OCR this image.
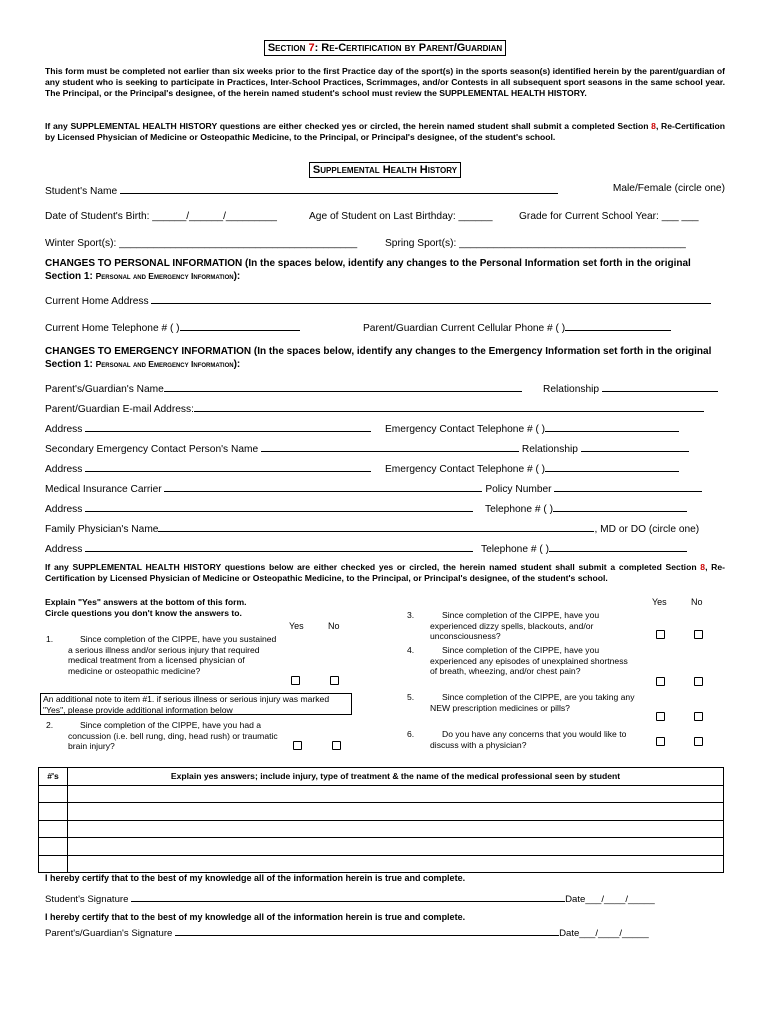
Section 7: Re-Certification by Parent/Guardian

This form must be completed not earlier than six weeks prior to the first Practice day of the sport(s) in the sports season(s) identified herein by the parent/guardian of any student who is seeking to participate in Practices, Inter-School Practices, Scrimmages, and/or Contests in all subsequent sport seasons in the same school year. The Principal, or the Principal's designee, of the herein named student's school must review the SUPPLEMENTAL HEALTH HISTORY.

If any SUPPLEMENTAL HEALTH HISTORY questions are either checked yes or circled, the herein named student shall submit a completed Section 8, Re-Certification by Licensed Physician of Medicine or Osteopathic Medicine, to the Principal, or Principal's designee, of the student's school.

Supplemental Health History
Student's Name	Male/Female (circle one)
Date of Student's Birth: ______/______/_________	Age of Student on Last Birthday: ______	Grade for Current School Year: ___ ___
Winter Sport(s): __________________________________________	Spring Sport(s): ________________________________________
CHANGES TO PERSONAL INFORMATION (In the spaces below, identify any changes to the Personal Information set forth in the original Section 1: Personal and Emergency Information):
Current Home Address
Current Home Telephone # ( )	Parent/Guardian Current Cellular Phone # ( )
CHANGES TO EMERGENCY INFORMATION (In the spaces below, identify any changes to the Emergency Information set forth in the original Section 1: Personal and Emergency Information):
Parent's/Guardian's Name	Relationship
Parent/Guardian E-mail Address:
Address	Emergency Contact Telephone # ( )
Secondary Emergency Contact Person's Name	Relationship
Address	Emergency Contact Telephone # ( )
Medical Insurance Carrier	Policy Number
Address	Telephone # ( )
Family Physician's Name	, MD or DO (circle one)
Address	Telephone # ( )

If any SUPPLEMENTAL HEALTH HISTORY questions below are either checked yes or circled, the herein named student shall submit a completed Section 8, Re-Certification by Licensed Physician of Medicine or Osteopathic Medicine, to the Principal, or Principal's designee, of the student's school.

Explain "Yes" answers at the bottom of this form.
Circle questions you don't know the answers to.
Yes	No
Yes	No
1.	Since completion of the CIPPE, have you sustained a serious illness and/or serious injury that required medical treatment from a licensed physician of medicine or osteopathic medicine?
An additional note to item #1. if serious illness or serious injury was marked "Yes", please provide additional information below
2.	Since completion of the CIPPE, have you had a concussion (i.e. bell rung, ding, head rush) or traumatic brain injury?
3.	Since completion of the CIPPE, have you experienced dizzy spells, blackouts, and/or unconsciousness?
4.	Since completion of the CIPPE, have you experienced any episodes of unexplained shortness of breath, wheezing, and/or chest pain?
5.	Since completion of the CIPPE, are you taking any NEW prescription medicines or pills?
6.	Do you have any concerns that you would like to discuss with a physician?
#'s	Explain yes answers; include injury, type of treatment & the name of the medical professional seen by student

I hereby certify that to the best of my knowledge all of the information herein is true and complete.
Student's Signature	Date___/____/_____
I hereby certify that to the best of my knowledge all of the information herein is true and complete.
Parent's/Guardian's Signature	Date___/____/_____
